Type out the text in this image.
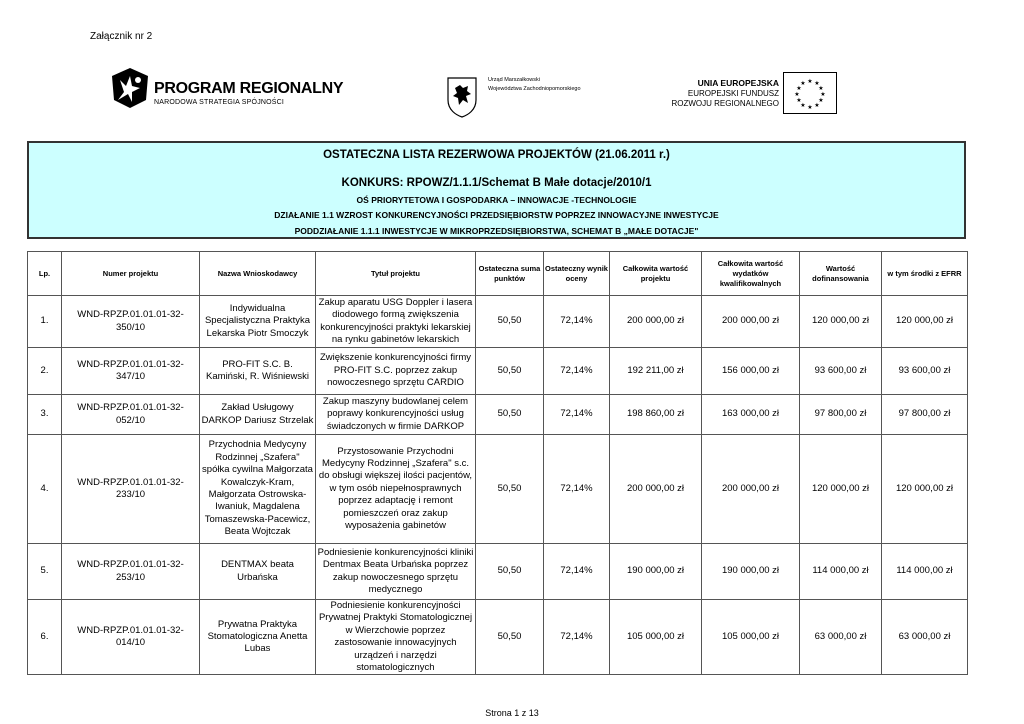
Załącznik nr 2
PROGRAM REGIONALNY
NARODOWA STRATEGIA SPÓJNOŚCI
Urząd Marszałkowski
Województwa Zachodniopomorskiego
UNIA EUROPEJSKA
EUROPEJSKI FUNDUSZ
ROZWOJU REGIONALNEGO
★ ★
★
★
★
★
★
★
★
★
★
★
OSTATECZNA LISTA REZERWOWA PROJEKTÓW (21.06.2011 r.)
KONKURS: RPOWZ/1.1.1/Schemat B Małe dotacje/2010/1
OŚ PRIORYTETOWA I GOSPODARKA – INNOWACJE -TECHNOLOGIE
DZIAŁANIE 1.1 WZROST KONKURENCYJNOŚCI PRZEDSIĘBIORSTW POPRZEZ INNOWACYJNE INWESTYCJE
PODDZIAŁANIE 1.1.1 INWESTYCJE W MIKROPRZEDSIĘBIORSTWA, SCHEMAT B „MAŁE DOTACJE"
Lp.	Numer projektu	Nazwa Wnioskodawcy	Tytuł projektu	Ostateczna suma punktów	Ostateczny wynik oceny	Całkowita wartość projektu	Całkowita wartość wydatków kwalifikowalnych	Wartość dofinansowania	w tym środki z EFRR
1.	WND-RPZP.01.01.01-32-350/10	Indywidualna Specjalistyczna Praktyka Lekarska Piotr Smoczyk	Zakup aparatu USG Doppler i lasera diodowego formą zwiększenia konkurencyjności praktyki lekarskiej na rynku gabinetów lekarskich	50,50	72,14%	200 000,00 zł	200 000,00 zł	120 000,00 zł	120 000,00 zł
2.	WND-RPZP.01.01.01-32-347/10	PRO-FIT S.C. B. Kamiński, R. Wiśniewski	Zwiększenie konkurencyjności firmy PRO-FIT S.C. poprzez zakup nowoczesnego sprzętu CARDIO	50,50	72,14%	192 211,00 zł	156 000,00 zł	93 600,00 zł	93 600,00 zł
3.	WND-RPZP.01.01.01-32-052/10	Zakład Usługowy DARKOP Dariusz Strzelak	Zakup maszyny budowlanej celem poprawy konkurencyjności usług świadczonych w firmie DARKOP	50,50	72,14%	198 860,00 zł	163 000,00 zł	97 800,00 zł	97 800,00 zł
4.	WND-RPZP.01.01.01-32-233/10	Przychodnia Medycyny Rodzinnej „Szafera" spółka cywilna Małgorzata Kowalczyk-Kram, Małgorzata Ostrowska-Iwaniuk, Magdalena Tomaszewska-Pacewicz, Beata Wojtczak	Przystosowanie Przychodni Medycyny Rodzinnej „Szafera" s.c. do obsługi większej ilości pacjentów, w tym osób niepełnosprawnych poprzez adaptację i remont pomieszczeń oraz zakup wyposażenia gabinetów	50,50	72,14%	200 000,00 zł	200 000,00 zł	120 000,00 zł	120 000,00 zł
5.	WND-RPZP.01.01.01-32-253/10	DENTMAX beata Urbańska	Podniesienie konkurencyjności kliniki Dentmax Beata Urbańska poprzez zakup nowoczesnego sprzętu medycznego	50,50	72,14%	190 000,00 zł	190 000,00 zł	114 000,00 zł	114 000,00 zł
6.	WND-RPZP.01.01.01-32-014/10	Prywatna Praktyka Stomatologiczna Anetta Lubas	Podniesienie konkurencyjności Prywatnej Praktyki Stomatologicznej w Wierzchowie poprzez zastosowanie innowacyjnych urządzeń i narzędzi stomatologicznych	50,50	72,14%	105 000,00 zł	105 000,00 zł	63 000,00 zł	63 000,00 zł
Strona 1 z 13
